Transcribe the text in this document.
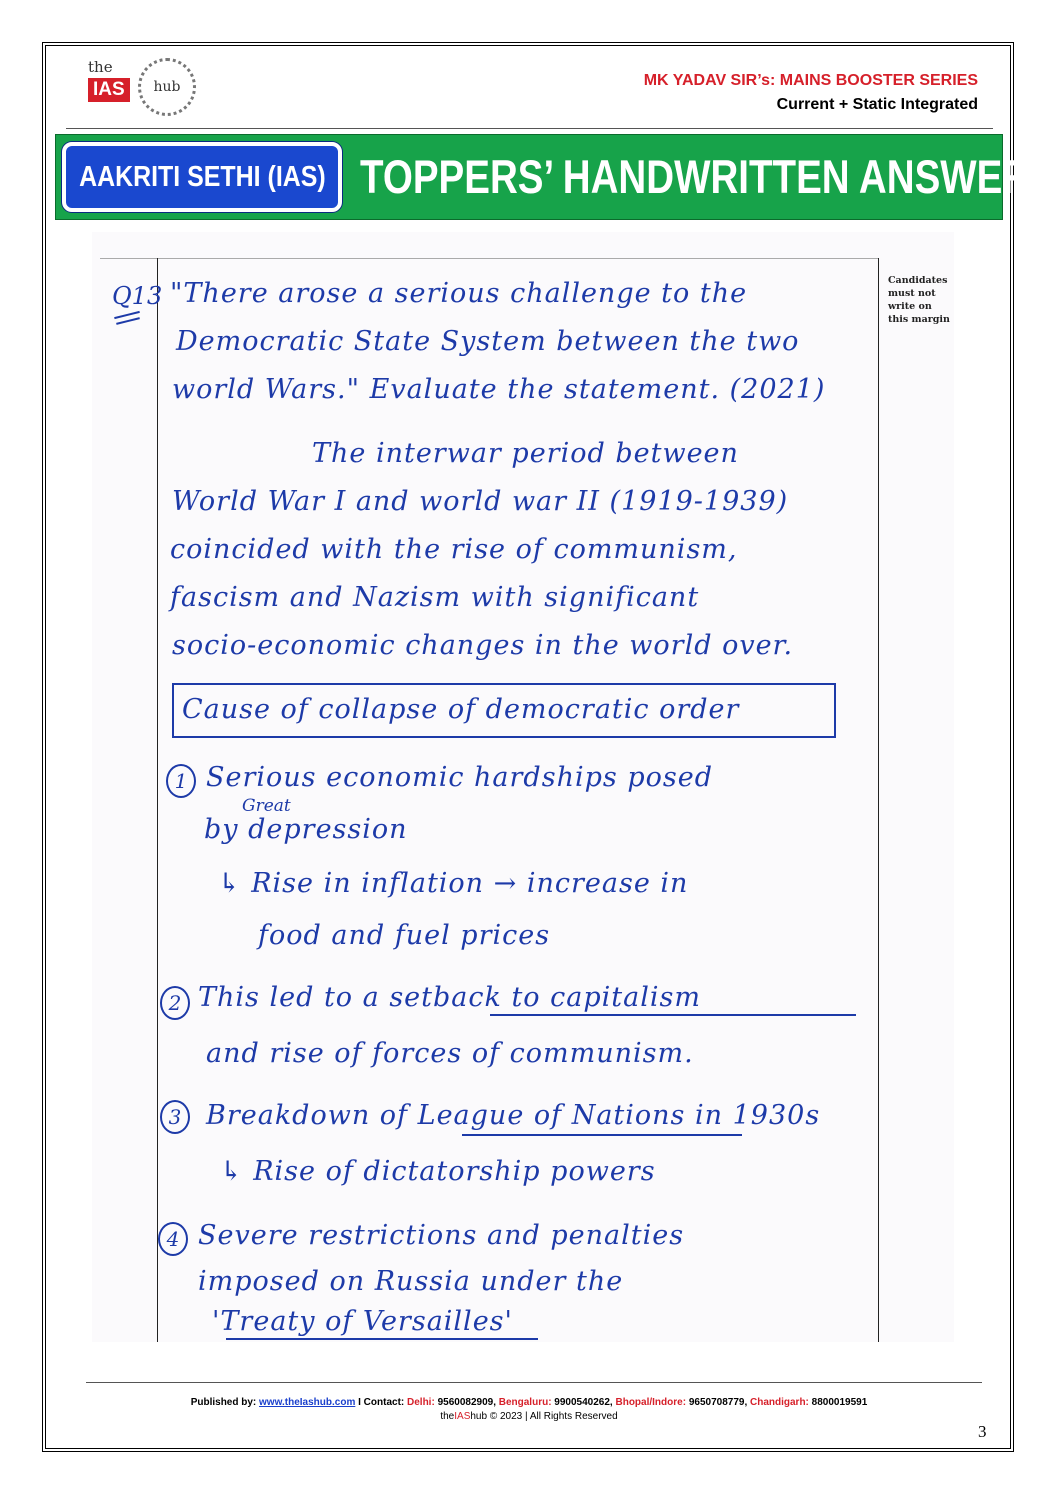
the
IAS	hub	MK YADAV SIR’s: MAINS BOOSTER SERIES
Current + Static Integrated
AAKRITI SETHI (IAS) TOPPERS’ HANDWRITTEN ANSWERS
Candidates must not write on this margin
Q13 "There arose a serious challenge to the
Democratic State System between the two
world Wars." Evaluate the statement. (2021)
The interwar period between
World War I and world war II (1919-1939)
coincided with the rise of communism,
fascism and Nazism with significant
socio-economic changes in the world over.
Cause of collapse of democratic order
1 Serious economic hardships posed
Great
by depression
↳ Rise in inflation → increase in
food and fuel prices
2 This led to a setback to capitalism
and rise of forces of communism.
3 Breakdown of League of Nations in 1930s
↳ Rise of dictatorship powers
4 Severe restrictions and penalties
imposed on Russia under the
'Treaty of Versailles'
Published by: www.theIashub.com I Contact: Delhi: 9560082909, Bengaluru: 9900540262, Bhopal/Indore: 9650708779, Chandigarh: 8800019591
theIAShub © 2023 | All Rights Reserved
3
